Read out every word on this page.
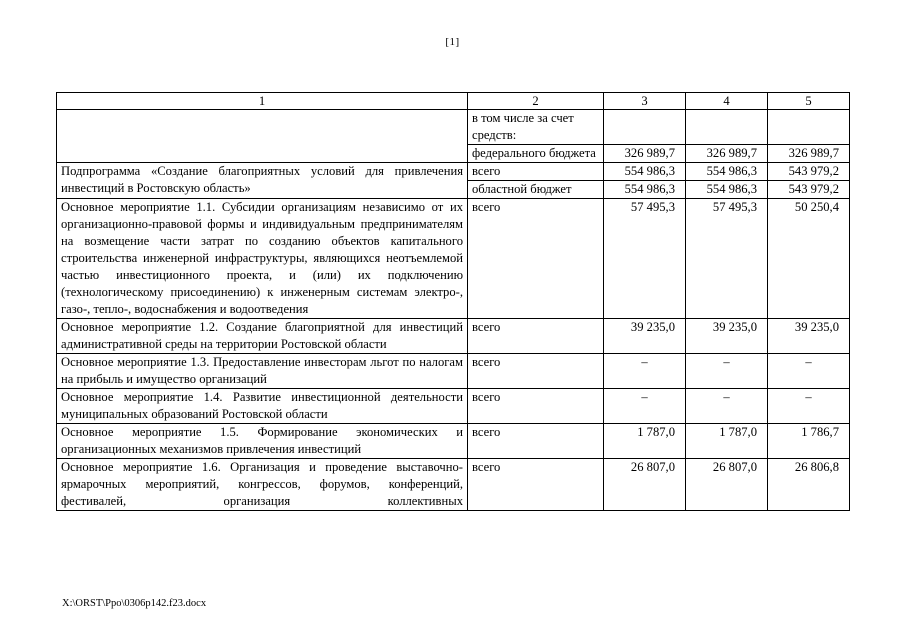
[1]
1	2	3	4	5
	в том числе за счет средств:			
	федерального бюджета	326 989,7	326 989,7	326 989,7
Подпрограмма «Создание благоприятных условий для привлечения инвестиций в Ростовскую область»	всего	554 986,3	554 986,3	543 979,2
	областной бюджет	554 986,3	554 986,3	543 979,2
Основное мероприятие 1.1. Субсидии организациям независимо от их организационно-правовой формы и индивидуальным предпринимателям на возмещение части затрат по созданию объектов капитального строительства инженерной инфраструктуры, являющихся неотъемлемой частью инвестиционного проекта, и (или) их подключению (технологическому присоединению) к инженерным системам электро-, газо-, тепло-, водоснабжения и водоотведения	всего	57 495,3	57 495,3	50 250,4
Основное мероприятие 1.2. Создание благоприятной для инвестиций административной среды на территории Ростовской области	всего	39 235,0	39 235,0	39 235,0
Основное мероприятие 1.3. Предоставление инвесторам льгот по налогам на прибыль и имущество организаций	всего	–	–	–
Основное мероприятие 1.4. Развитие инвестиционной деятельности муниципальных образований Ростовской области	всего	–	–	–
Основное мероприятие 1.5. Формирование экономических и организационных механизмов привлечения инвестиций	всего	1 787,0	1 787,0	1 786,7
Основное мероприятие 1.6. Организация и проведение выставочно-ярмарочных мероприятий, конгрессов, форумов, конференций, фестивалей, организация коллективных	всего	26 807,0	26 807,0	26 806,8
X:\ORST\Ppo\0306p142.f23.docx
